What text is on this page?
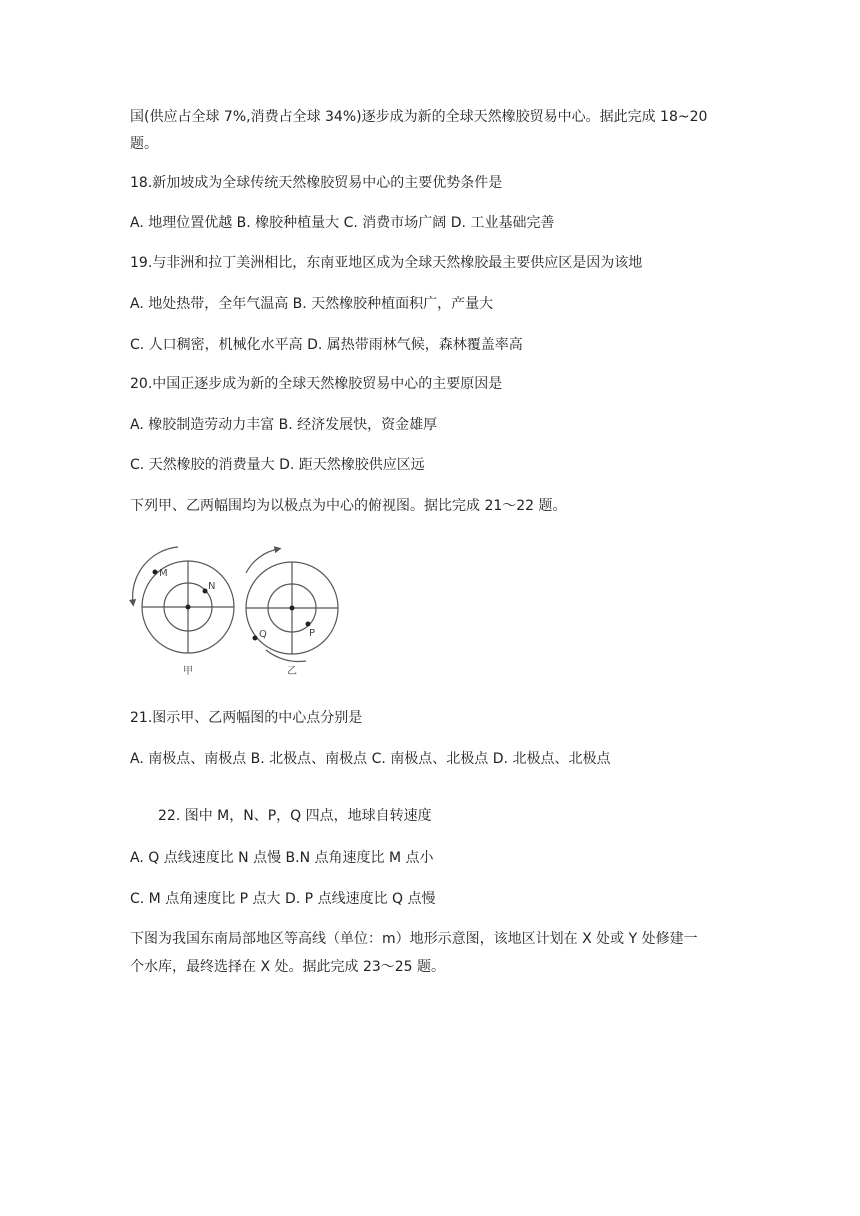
国(供应占全球 7%,消费占全球 34%)逐步成为新的全球天然橡胶贸易中心。据此完成 18~20
题。
18.新加坡成为全球传统天然橡胶贸易中心的主要优势条件是
A. 地理位置优越 B. 橡胶种植量大 C. 消费市场广阔 D. 工业基础完善
19.与非洲和拉丁美洲相比，东南亚地区成为全球天然橡胶最主要供应区是因为该地
A. 地处热带，全年气温高 B. 天然橡胶种植面积广，产量大
C. 人口稠密，机械化水平高 D. 属热带雨林气候，森林覆盖率高
20.中国正逐步成为新的全球天然橡胶贸易中心的主要原因是
A. 橡胶制造劳动力丰富 B. 经济发展快，资金雄厚
C. 天然橡胶的消费量大 D. 距天然橡胶供应区远
下列甲、乙两幅围均为以极点为中心的俯视图。据比完成 21～22 题。
M
N
甲
P
Q
乙
21.图示甲、乙两幅图的中心点分别是
A. 南极点、南极点 B. 北极点、南极点 C. 南极点、北极点 D. 北极点、北极点
22. 图中 M，N、P，Q 四点，地球自转速度
A. Q 点线速度比 N 点慢 B.N 点角速度比 M 点小
C. M 点角速度比 P 点大 D. P 点线速度比 Q 点慢
下图为我国东南局部地区等高线（单位：m）地形示意图，该地区计划在 X 处或 Y 处修建一
个水库，最终选择在 X 处。据此完成 23～25 题。
